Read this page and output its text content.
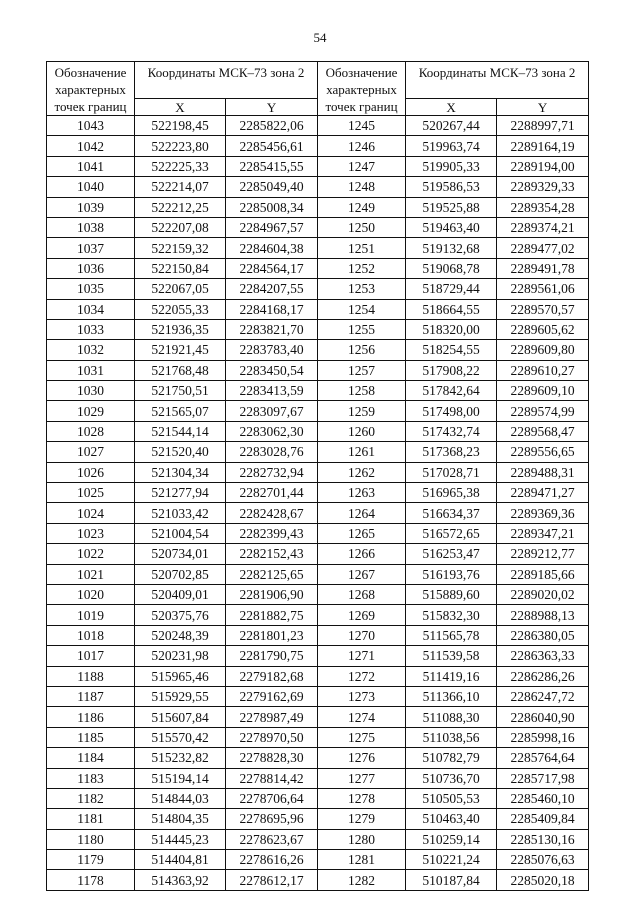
54
Обозначение характерных точек границ	Координаты МСК–73 зона 2		Обозначение характерных точек границ	Координаты МСК–73 зона 2	
	X	Y		X	Y
1043	522198,45	2285822,06	1245	520267,44	2288997,71
1042	522223,80	2285456,61	1246	519963,74	2289164,19
1041	522225,33	2285415,55	1247	519905,33	2289194,00
1040	522214,07	2285049,40	1248	519586,53	2289329,33
1039	522212,25	2285008,34	1249	519525,88	2289354,28
1038	522207,08	2284967,57	1250	519463,40	2289374,21
1037	522159,32	2284604,38	1251	519132,68	2289477,02
1036	522150,84	2284564,17	1252	519068,78	2289491,78
1035	522067,05	2284207,55	1253	518729,44	2289561,06
1034	522055,33	2284168,17	1254	518664,55	2289570,57
1033	521936,35	2283821,70	1255	518320,00	2289605,62
1032	521921,45	2283783,40	1256	518254,55	2289609,80
1031	521768,48	2283450,54	1257	517908,22	2289610,27
1030	521750,51	2283413,59	1258	517842,64	2289609,10
1029	521565,07	2283097,67	1259	517498,00	2289574,99
1028	521544,14	2283062,30	1260	517432,74	2289568,47
1027	521520,40	2283028,76	1261	517368,23	2289556,65
1026	521304,34	2282732,94	1262	517028,71	2289488,31
1025	521277,94	2282701,44	1263	516965,38	2289471,27
1024	521033,42	2282428,67	1264	516634,37	2289369,36
1023	521004,54	2282399,43	1265	516572,65	2289347,21
1022	520734,01	2282152,43	1266	516253,47	2289212,77
1021	520702,85	2282125,65	1267	516193,76	2289185,66
1020	520409,01	2281906,90	1268	515889,60	2289020,02
1019	520375,76	2281882,75	1269	515832,30	2288988,13
1018	520248,39	2281801,23	1270	511565,78	2286380,05
1017	520231,98	2281790,75	1271	511539,58	2286363,33
1188	515965,46	2279182,68	1272	511419,16	2286286,26
1187	515929,55	2279162,69	1273	511366,10	2286247,72
1186	515607,84	2278987,49	1274	511088,30	2286040,90
1185	515570,42	2278970,50	1275	511038,56	2285998,16
1184	515232,82	2278828,30	1276	510782,79	2285764,64
1183	515194,14	2278814,42	1277	510736,70	2285717,98
1182	514844,03	2278706,64	1278	510505,53	2285460,10
1181	514804,35	2278695,96	1279	510463,40	2285409,84
1180	514445,23	2278623,67	1280	510259,14	2285130,16
1179	514404,81	2278616,26	1281	510221,24	2285076,63
1178	514363,92	2278612,17	1282	510187,84	2285020,18
